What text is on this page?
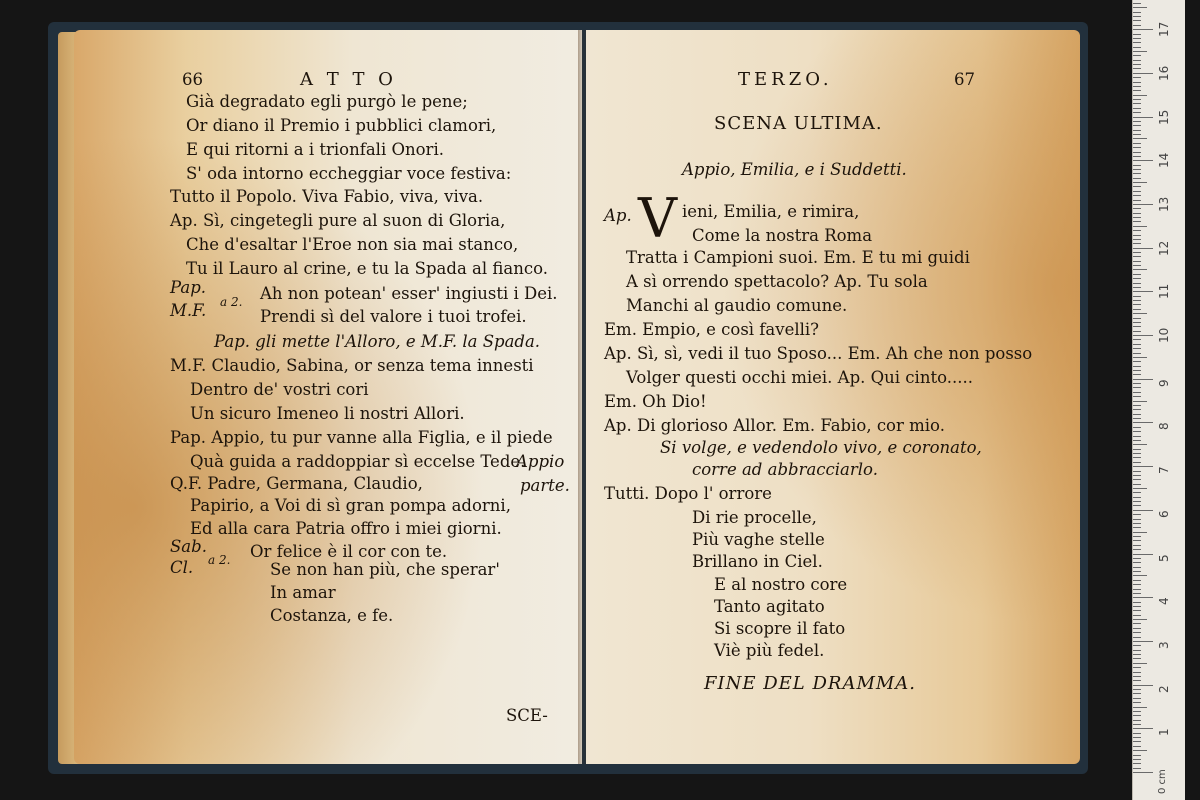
66	A T T O
Già degradato egli purgò le pene;
Or diano il Premio i pubblici clamori,
E qui ritorni a i trionfali Onori.
S' oda intorno eccheggiar voce festiva:
Tutto il Popolo. Viva Fabio, viva, viva.
Ap. Sì, cingetegli pure al suon di Gloria,
Che d'esaltar l'Eroe non sia mai stanco,
Tu il Lauro al crine, e tu la Spada al fianco.
Pap.	Ah non potean' esser' ingiusti i Dei.
a 2.
M.F.	Prendi sì del valore i tuoi trofei.
Pap. gli mette l'Alloro, e M.F. la Spada.
M.F. Claudio, Sabina, or senza tema innesti
Dentro de' vostri cori
Un sicuro Imeneo li nostri Allori.
Pap. Appio, tu pur vanne alla Figlia, e il piede
Quà guida a raddoppiar sì eccelse Tede.
Appio
Q.F. Padre, Germana, Claudio,	parte.
Papirio, a Voi di sì gran pompa adorni,
Ed alla cara Patria offro i miei giorni.
Sab.
a 2.
Cl.
Or felice è il cor con te.
Se non han più, che sperar'
In amar
Costanza, e fe.
SCE-
TERZO.	67
SCENA ULTIMA.
Appio, Emilia, e i Suddetti.
Ap. V ieni, Emilia, e rimira,
Come la nostra Roma
Tratta i Campioni suoi. Em. E tu mi guidi
A sì orrendo spettacolo? Ap. Tu sola
Manchi al gaudio comune.
Em. Empio, e così favelli?
Ap. Sì, sì, vedi il tuo Sposo... Em. Ah che non posso
Volger questi occhi miei. Ap. Qui cinto.....
Em. Oh Dio!
Ap. Di glorioso Allor. Em. Fabio, cor mio.
Si volge, e vedendolo vivo, e coronato,
corre ad abbracciarlo.
Tutti. Dopo l' orrore
Di rie procelle,
Più vaghe stelle
Brillano in Ciel.
E al nostro core
Tanto agitato
Si scopre il fato
Viè più fedel.
FINE DEL DRAMMA.
0 cm
1
2
3
4
5
6
7
8
9
10
11
12
13
14
15
16
17
